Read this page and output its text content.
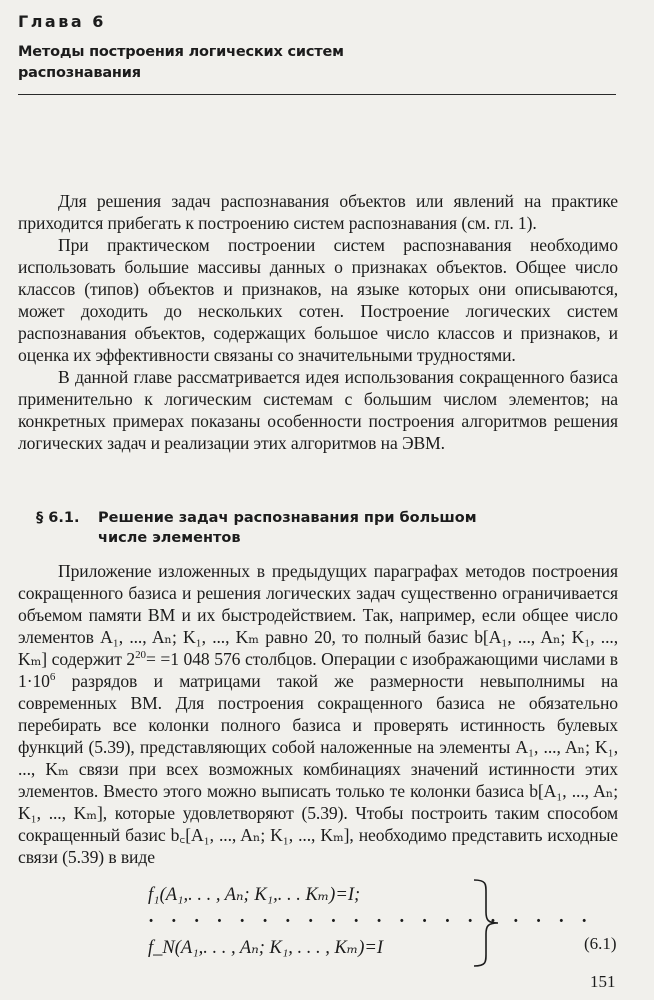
Глава 6
Методы построения логических систем
распознавания

Для решения задач распознавания объектов или явлений на практике приходится прибегать к построению систем распознавания (см. гл. 1).

При практическом построении систем распознавания необходимо использовать большие массивы данных о признаках объектов. Общее число классов (типов) объектов и признаков, на языке которых они описываются, может доходить до нескольких сотен. Построение логических систем распознавания объектов, содержащих большое число классов и признаков, и оценка их эффективности связаны со значительными трудностями.

В данной главе рассматривается идея использования сокращенного базиса применительно к логическим системам с большим числом элементов; на конкретных примерах показаны особенности построения алгоритмов решения логических задач и реализации этих алгоритмов на ЭВМ.

§ 6.1. Решение задач распознавания при большом
числе элементов

Приложение изложенных в предыдущих параграфах методов построения сокращенного базиса и решения логических задач существенно ограничивается объемом памяти ВМ и их быстродействием. Так, например, если общее число элементов A₁, ..., Aₙ; K₁, ..., Kₘ равно 20, то полный базис b[A₁, ..., Aₙ; K₁, ..., Kₘ] содержит $2^{20}= =1$ 048 576 столбцов. Операции с изображающими числами в $1\cdot 10^6$ разрядов и матрицами такой же размерности невыполнимы на современных ВМ. Для построения сокращенного базиса не обязательно перебирать все колонки полного базиса и проверять истинность булевых функций (5.39), представляющих собой наложенные на элементы A₁, ..., Aₙ; K₁, ..., Kₘ связи при всех возможных комбинациях значений истинности этих элементов. Вместо этого можно выписать только те колонки базиса b[A₁, ..., Aₙ; K₁, ..., Kₘ], которые удовлетворяют (5.39). Чтобы построить таким способом сокращенный базис b꜀[A₁, ..., Aₙ; K₁, ..., Kₘ], необходимо представить исходные связи (5.39) в виде

f₁(A₁,. . . , Aₙ; K₁,. . . Kₘ)=I;
· · · · · · · · · · · · · · · · · · · ·
f_N(A₁,. . . , Aₙ; K₁, . . . , Kₘ)=I	(6.1)
151
